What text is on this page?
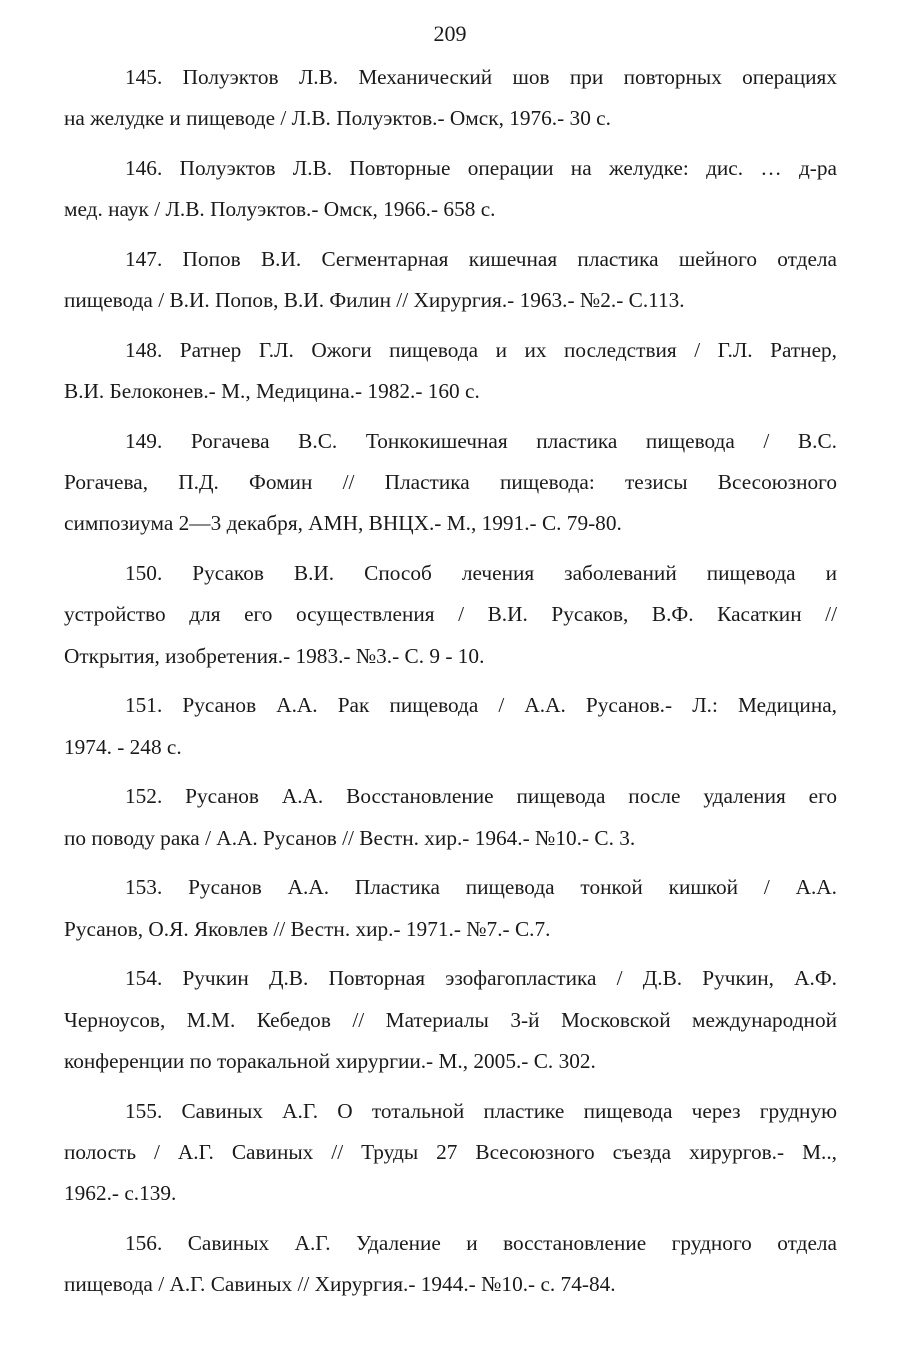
209
145. Полуэктов Л.В. Механический шов при повторных операциях
на желудке и пищеводе / Л.В. Полуэктов.- Омск, 1976.- 30 с.
146. Полуэктов Л.В. Повторные операции на желудке: дис. … д-ра
мед. наук / Л.В. Полуэктов.- Омск, 1966.- 658 с.
147. Попов В.И. Сегментарная кишечная пластика шейного отдела
пищевода / В.И. Попов, В.И. Филин // Хирургия.- 1963.- №2.- С.113.
148. Ратнер Г.Л. Ожоги пищевода и их последствия / Г.Л. Ратнер,
В.И. Белоконев.- М., Медицина.- 1982.- 160 с.
149. Рогачева В.С. Тонкокишечная пластика пищевода / В.С.
Рогачева, П.Д. Фомин // Пластика пищевода: тезисы Всесоюзного
симпозиума 2—3 декабря, АМН, ВНЦХ.- М., 1991.- С. 79-80.
150. Русаков В.И. Способ лечения заболеваний пищевода и
устройство для его осуществления / В.И. Русаков, В.Ф. Касаткин //
Открытия, изобретения.- 1983.- №3.- С. 9 - 10.
151. Русанов А.А. Рак пищевода / А.А. Русанов.- Л.: Медицина,
1974. - 248 с.
152. Русанов А.А. Восстановление пищевода после удаления его
по поводу рака / А.А. Русанов // Вестн. хир.- 1964.- №10.- С. 3.
153. Русанов А.А. Пластика пищевода тонкой кишкой / А.А.
Русанов, О.Я. Яковлев // Вестн. хир.- 1971.- №7.- С.7.
154. Ручкин Д.В. Повторная эзофагопластика / Д.В. Ручкин, А.Ф.
Черноусов, М.М. Кебедов // Материалы 3-й Московской международной
конференции по торакальной хирургии.- М., 2005.- С. 302.
155. Савиных А.Г. О тотальной пластике пищевода через грудную
полость / А.Г. Савиных // Труды 27 Всесоюзного съезда хирургов.- М..,
1962.- с.139.
156. Савиных А.Г. Удаление и восстановление грудного отдела
пищевода / А.Г. Савиных // Хирургия.- 1944.- №10.- с. 74-84.
